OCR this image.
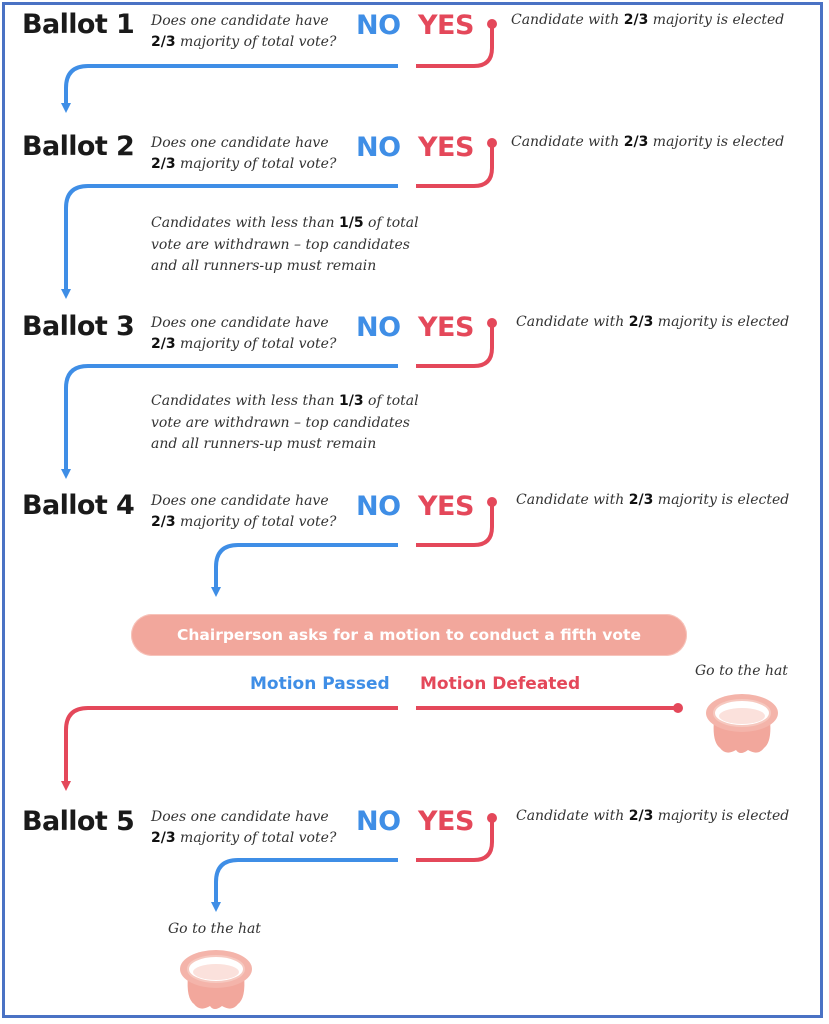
Ballot 1 Does one candidate have
2/3 majority of total vote?
NO YES	Candidate with 2/3 majority is elected
Ballot 2 Does one candidate have
2/3 majority of total vote?
NO YES	Candidate with 2/3 majority is elected
Candidates with less than 1/5 of total
vote are withdrawn – top candidates
and all runners-up must remain
Ballot 3 Does one candidate have
2/3 majority of total vote?
NO YES	Candidate with 2/3 majority is elected
Candidates with less than 1/3 of total
vote are withdrawn – top candidates
and all runners-up must remain
Ballot 4 Does one candidate have
2/3 majority of total vote? NO YES	Candidate with 2/3 majority is elected
Chairperson asks for a motion to conduct a fifth vote
Motion Passed Motion Defeated
Go to the hat
Ballot 5 Does one candidate have
2/3 majority of total vote?
NO YES	Candidate with 2/3 majority is elected
Go to the hat
